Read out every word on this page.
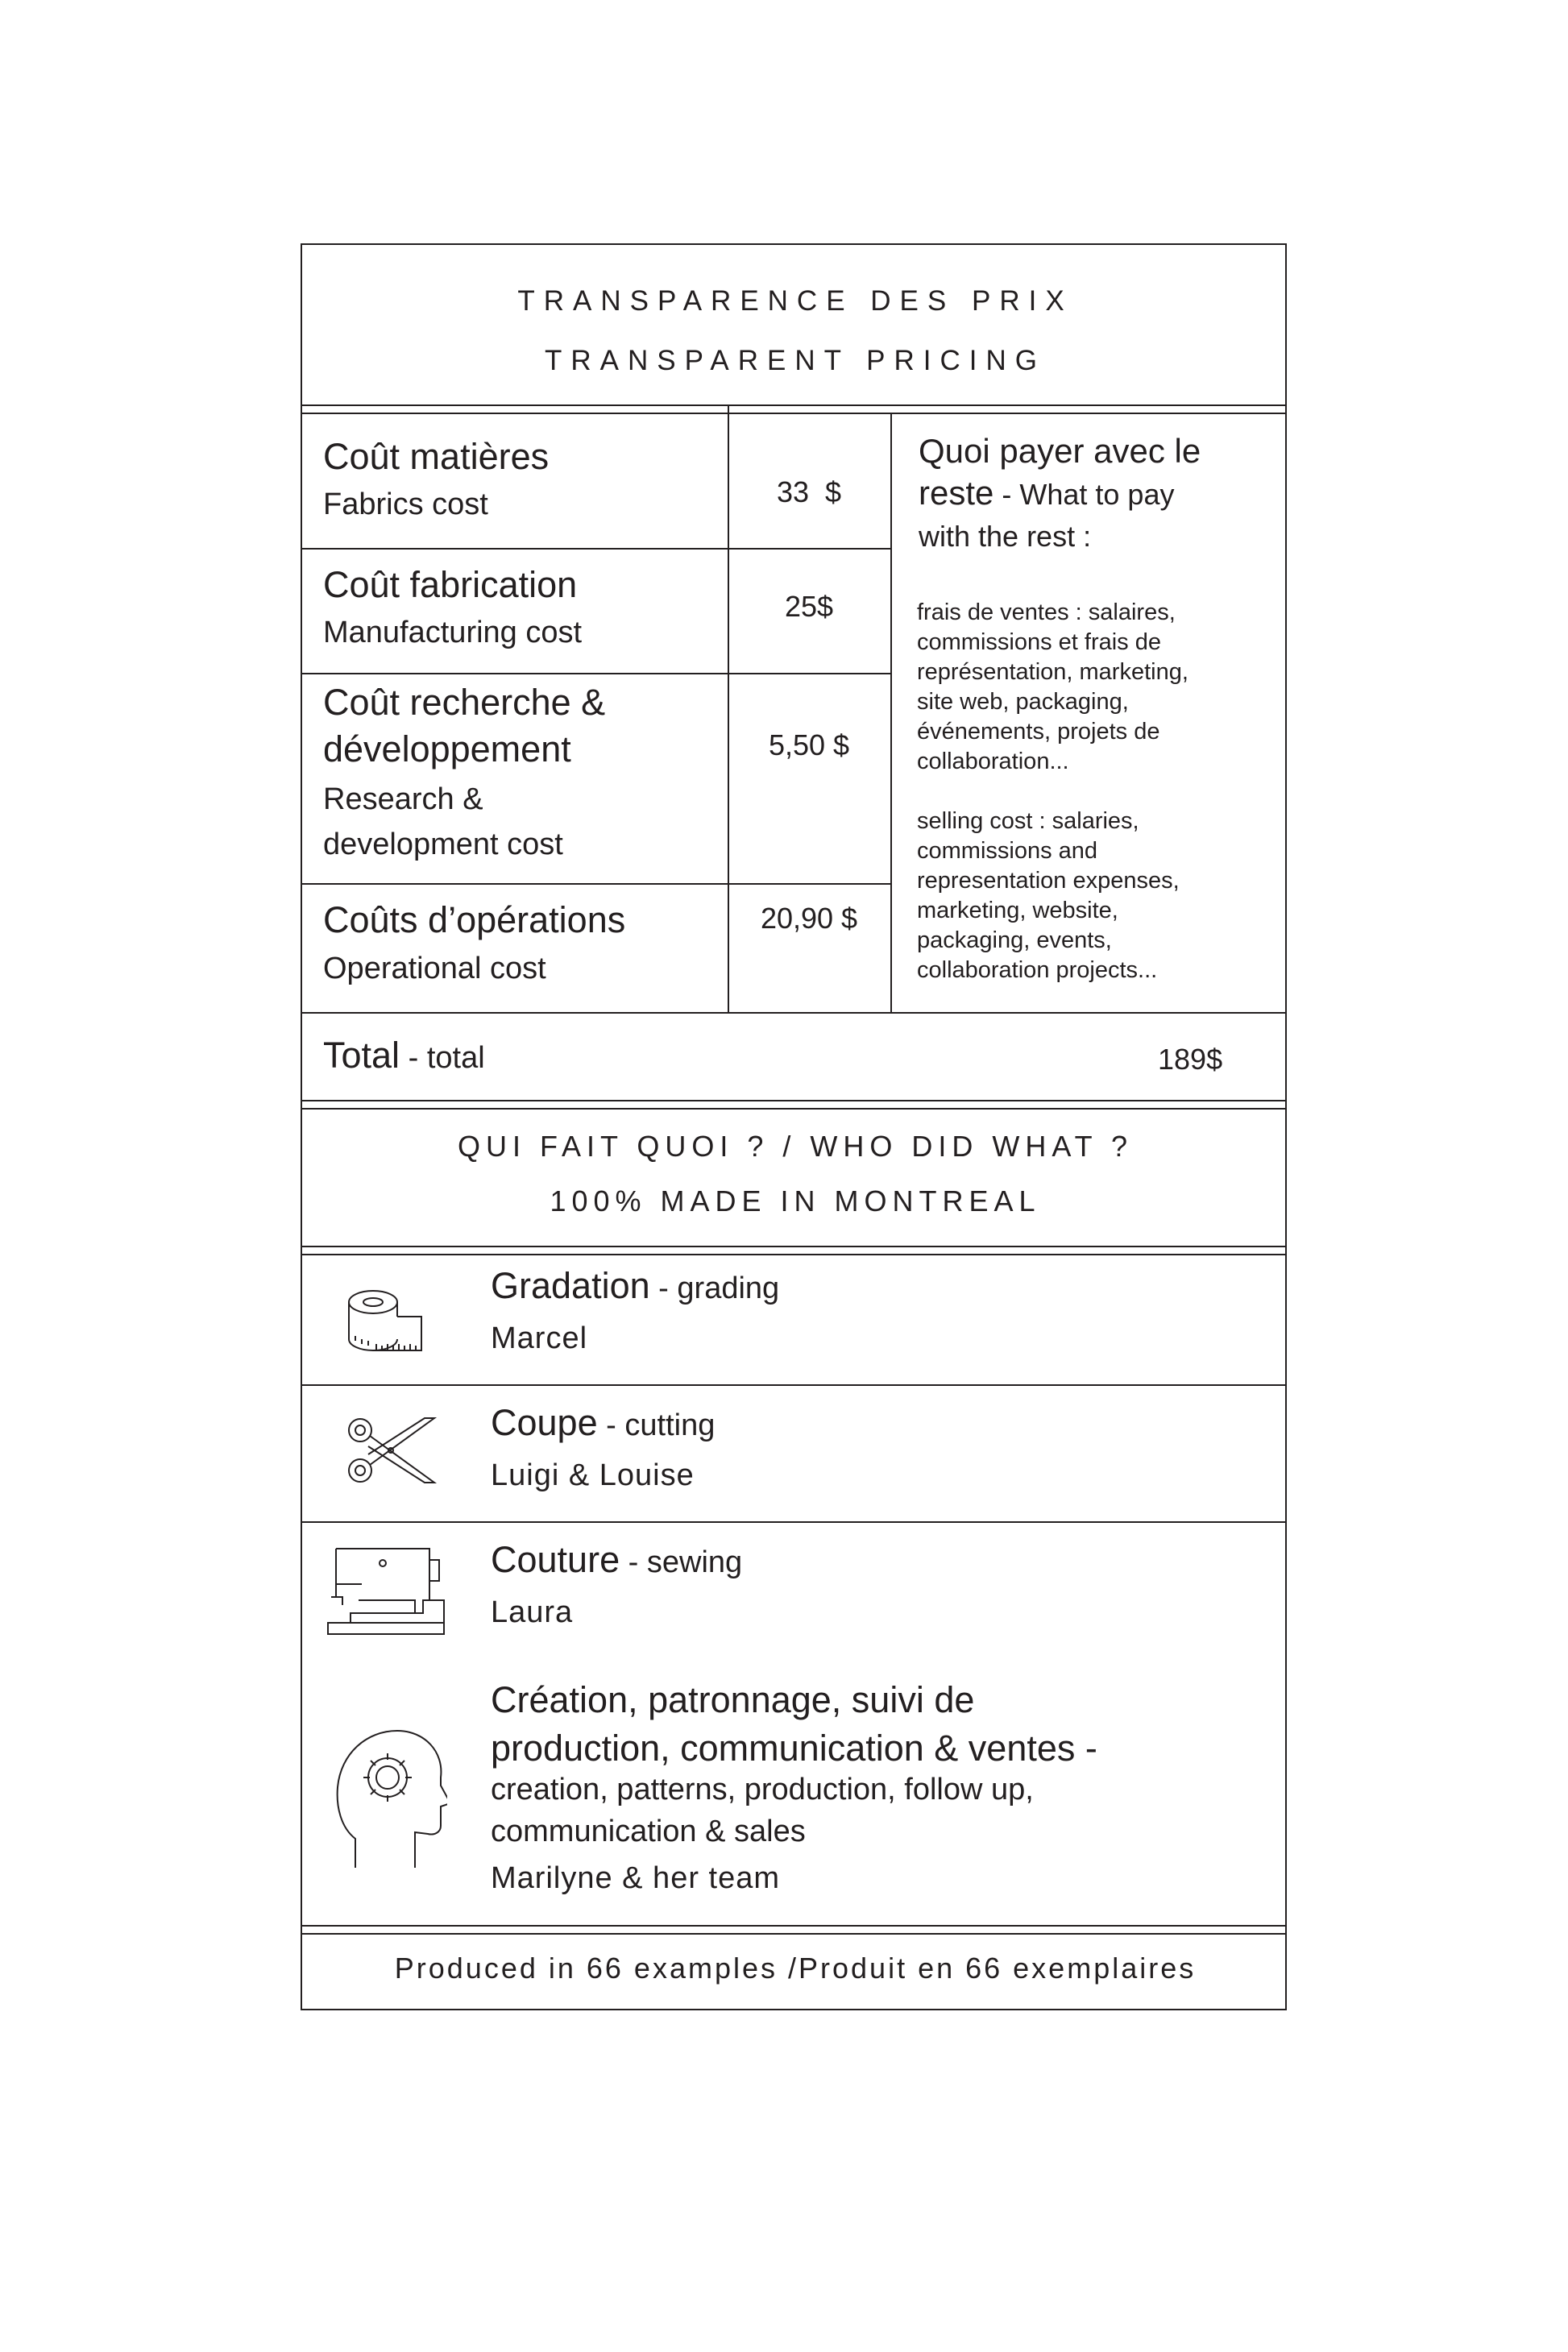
TRANSPARENCE DES PRIX
TRANSPARENT PRICING
Coût matières
Fabrics cost	33  $
Coût fabrication
Manufacturing cost
25$
Coût recherche &
développement
Research &
development cost
5,50 $
Coûts d’opérations
Operational cost
20,90 $
Quoi payer avec le
reste - What to pay
with the rest :
frais de ventes : salaires, commissions et frais de représentation, marketing, site web, packaging, événements, projets de collaboration...
selling cost : salaries, commissions and representation expenses, marketing, website, packaging, events, collaboration projects...
Total - total	189$
QUI FAIT QUOI ? / WHO DID WHAT ?
100% MADE IN MONTREAL
Gradation - grading
Marcel
Coupe - cutting
Luigi & Louise
Couture - sewing
Laura
Création, patronnage, suivi de
production, communication & ventes -
creation, patterns, production, follow up,
communication & sales
Marilyne & her team
Produced in 66 examples /Produit en 66 exemplaires
